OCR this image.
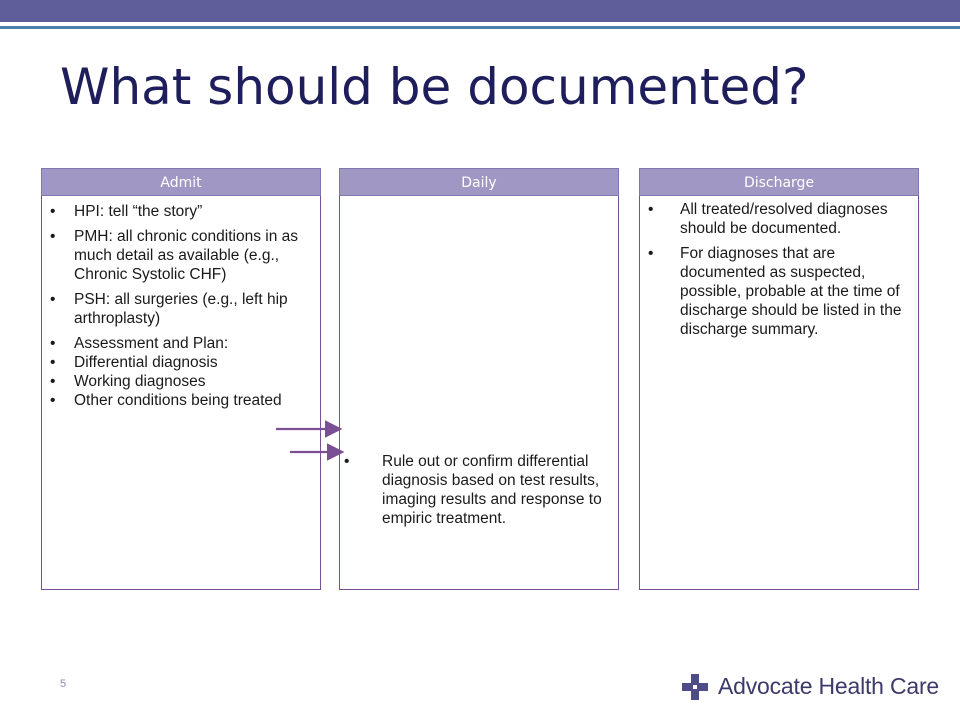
What should be documented?
Admit
• HPI: tell “the story”
• PMH: all chronic conditions in as much detail as available (e.g., Chronic Systolic CHF)
• PSH: all surgeries (e.g., left hip arthroplasty)
• Assessment and Plan:
• Differential diagnosis
• Working diagnoses
• Other conditions being treated
Daily
• Rule out or confirm differential diagnosis based on test results, imaging results and response to empiric treatment.
Discharge
• All treated/resolved diagnoses should be documented.
• For diagnoses that are documented as suspected, possible, probable at the time of discharge should be listed in the discharge summary.
5	Advocate Health Care
